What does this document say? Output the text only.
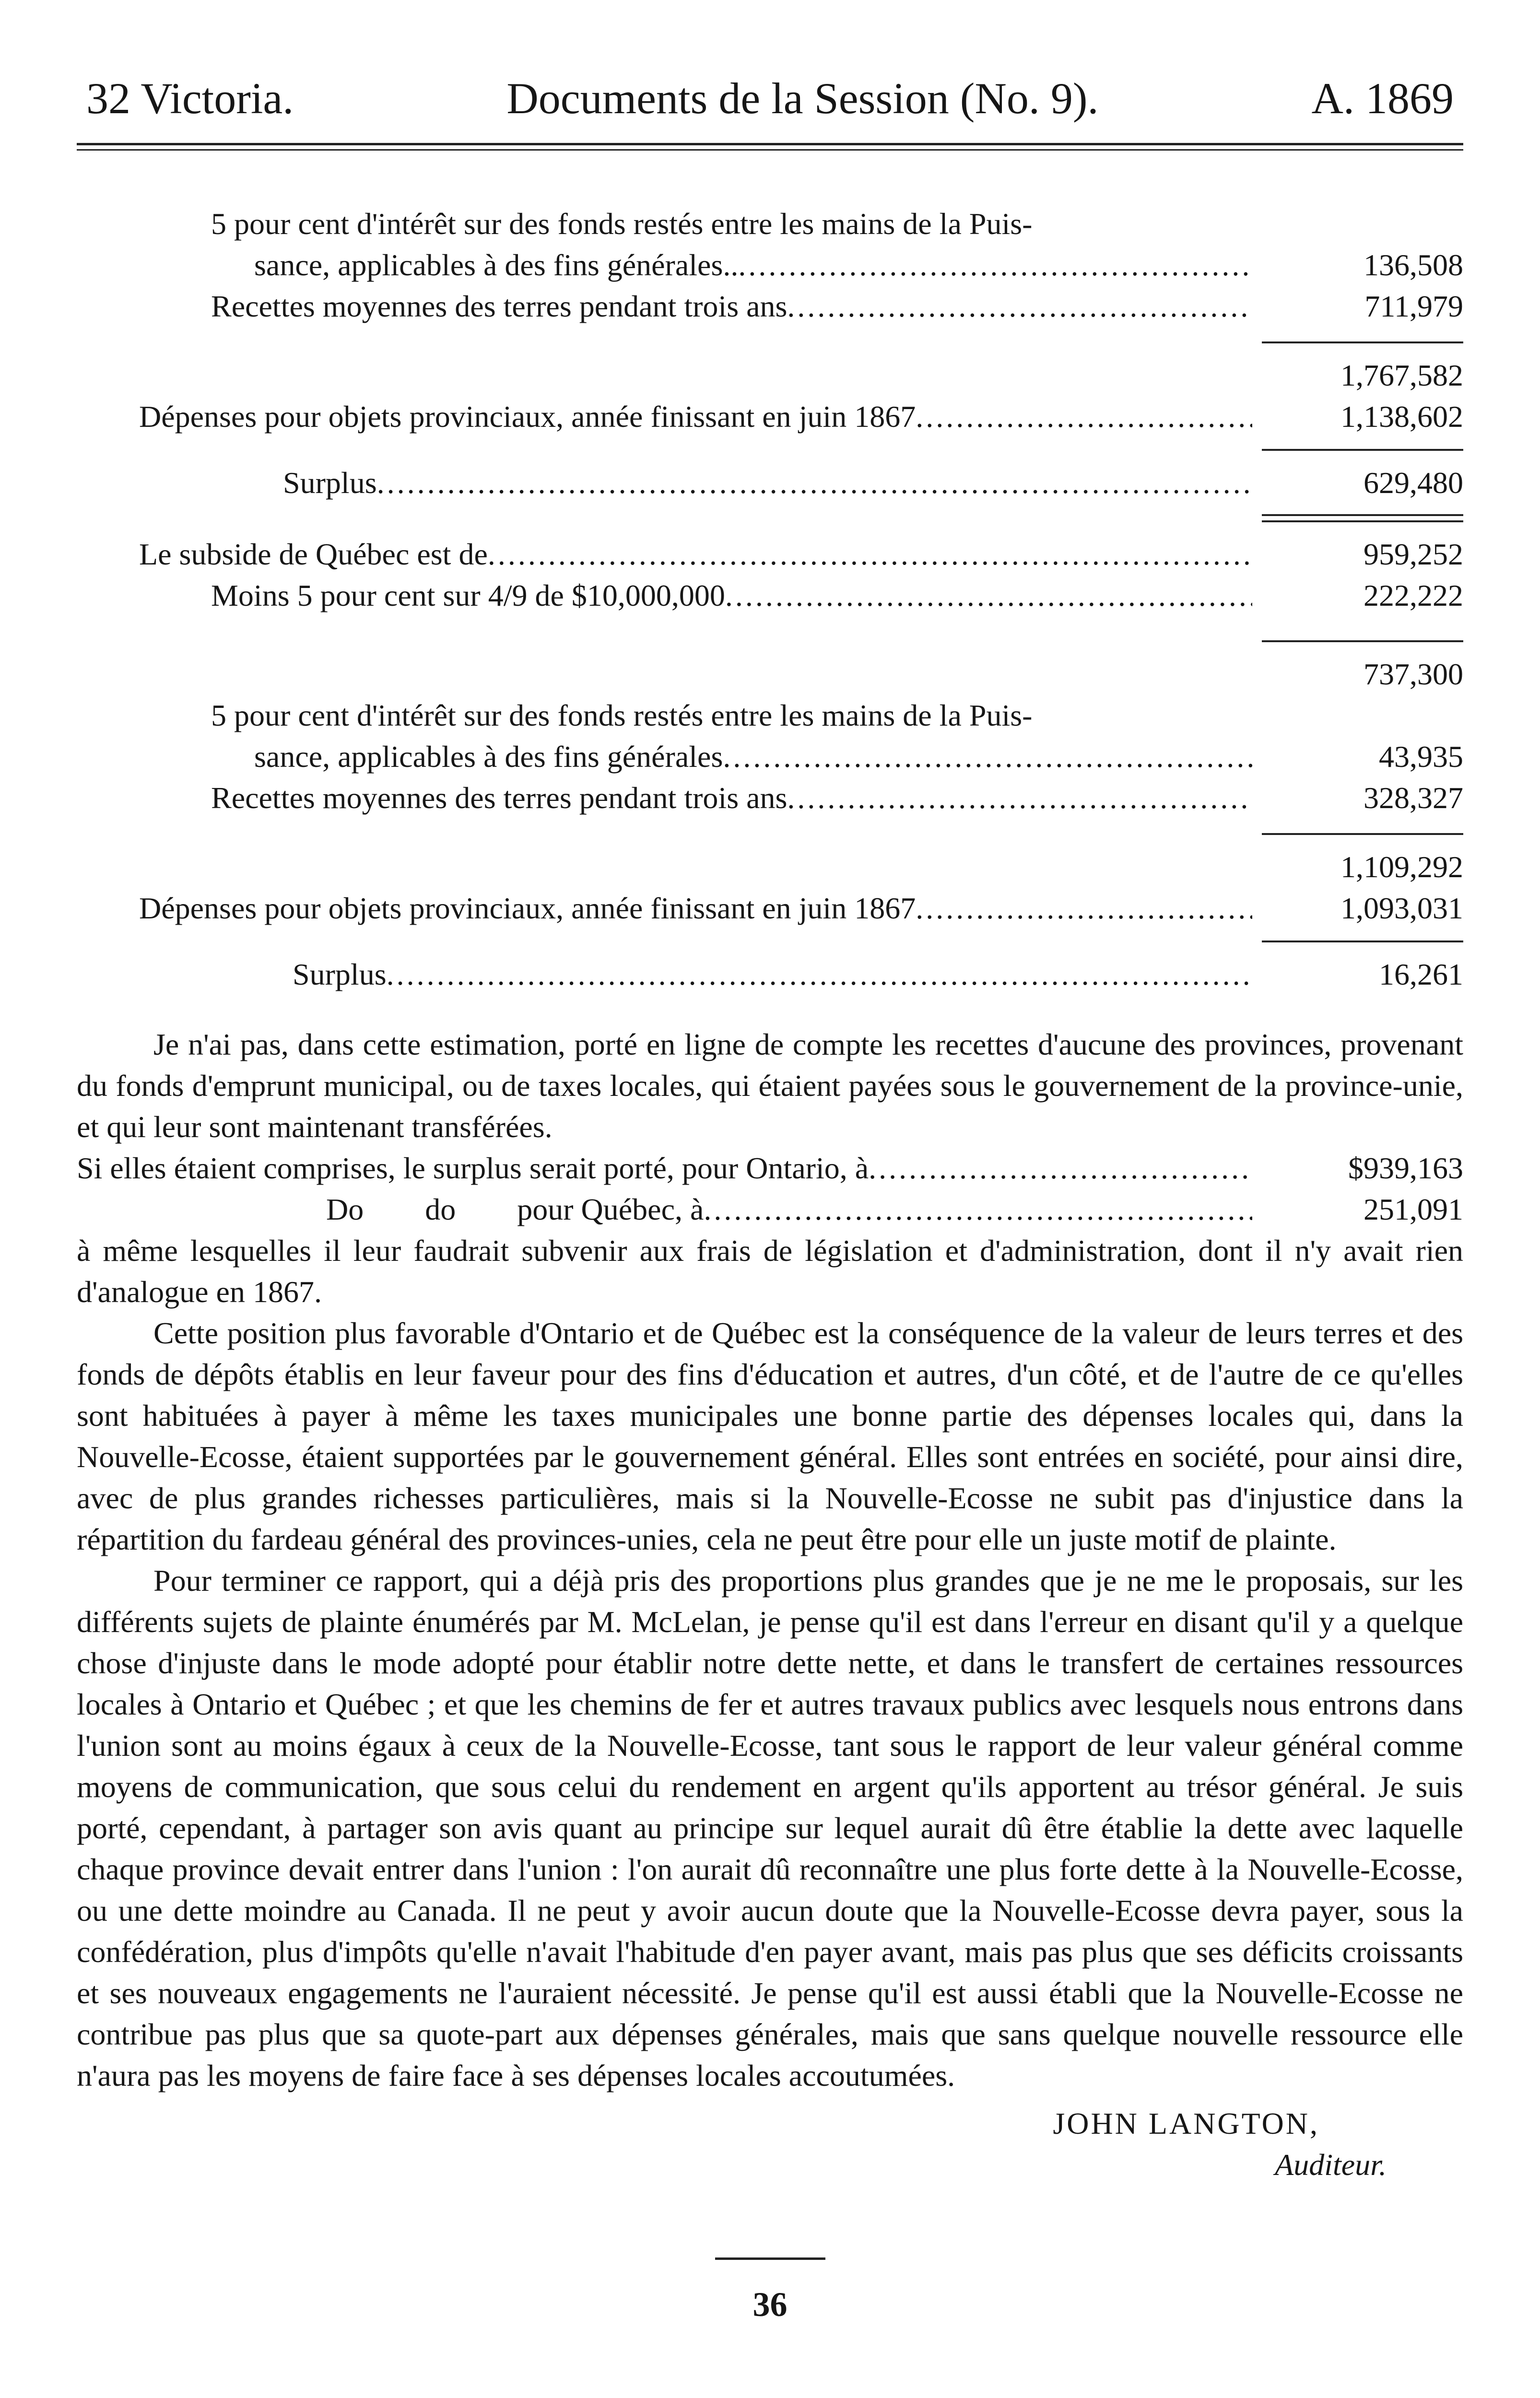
32 Victoria.	Documents de la Session (No. 9).	A. 1869
5 pour cent d'intérêt sur des fonds restés entre les mains de la Puis-
sance, applicables à des fins générales.. .....	136,508
Recettes moyennes des terres pendant trois ans .....	711,979
1,767,582
Dépenses pour objets provinciaux, année finissant en juin 1867 .....	1,138,602
Surplus .....	629,480
Le subside de Québec est de .....	959,252
Moins 5 pour cent sur 4/9 de $10,000,000 .....	222,222
737,300
5 pour cent d'intérêt sur des fonds restés entre les mains de la Puis-
sance, applicables à des fins générales .....	43,935
Recettes moyennes des terres pendant trois ans .....	328,327
1,109,292
Dépenses pour objets provinciaux, année finissant en juin 1867 .....	1,093,031
Surplus .....	16,261

Je n'ai pas, dans cette estimation, porté en ligne de compte les recettes d'aucune des provinces, provenant du fonds d'emprunt municipal, ou de taxes locales, qui étaient payées sous le gouvernement de la province-unie, et qui leur sont maintenant transférées.

Si elles étaient comprises, le surplus serait porté, pour Ontario, à .....	$939,163
Do        do        pour Québec, à .....	251,091

à même lesquelles il leur faudrait subvenir aux frais de législation et d'administration, dont il n'y avait rien d'analogue en 1867.

Cette position plus favorable d'Ontario et de Québec est la conséquence de la valeur de leurs terres et des fonds de dépôts établis en leur faveur pour des fins d'éducation et autres, d'un côté, et de l'autre de ce qu'elles sont habituées à payer à même les taxes municipales une bonne partie des dépenses locales qui, dans la Nouvelle-Ecosse, étaient supportées par le gouvernement général. Elles sont entrées en société, pour ainsi dire, avec de plus grandes richesses particulières, mais si la Nouvelle-Ecosse ne subit pas d'injustice dans la répartition du fardeau général des provinces-unies, cela ne peut être pour elle un juste motif de plainte.

Pour terminer ce rapport, qui a déjà pris des proportions plus grandes que je ne me le proposais, sur les différents sujets de plainte énumérés par M. McLelan, je pense qu'il est dans l'erreur en disant qu'il y a quelque chose d'injuste dans le mode adopté pour établir notre dette nette, et dans le transfert de certaines ressources locales à Ontario et Québec ; et que les chemins de fer et autres travaux publics avec lesquels nous entrons dans l'union sont au moins égaux à ceux de la Nouvelle-Ecosse, tant sous le rapport de leur valeur général comme moyens de communication, que sous celui du rendement en argent qu'ils apportent au trésor général. Je suis porté, cependant, à partager son avis quant au principe sur lequel aurait dû être établie la dette avec laquelle chaque province devait entrer dans l'union : l'on aurait dû reconnaître une plus forte dette à la Nouvelle-Ecosse, ou une dette moindre au Canada. Il ne peut y avoir aucun doute que la Nouvelle-Ecosse devra payer, sous la confédération, plus d'impôts qu'elle n'avait l'habitude d'en payer avant, mais pas plus que ses déficits croissants et ses nouveaux engagements ne l'auraient nécessité. Je pense qu'il est aussi établi que la Nouvelle-Ecosse ne contribue pas plus que sa quote-part aux dépenses générales, mais que sans quelque nouvelle ressource elle n'aura pas les moyens de faire face à ses dépenses locales accoutumées.

JOHN LANGTON,
Auditeur.
36
